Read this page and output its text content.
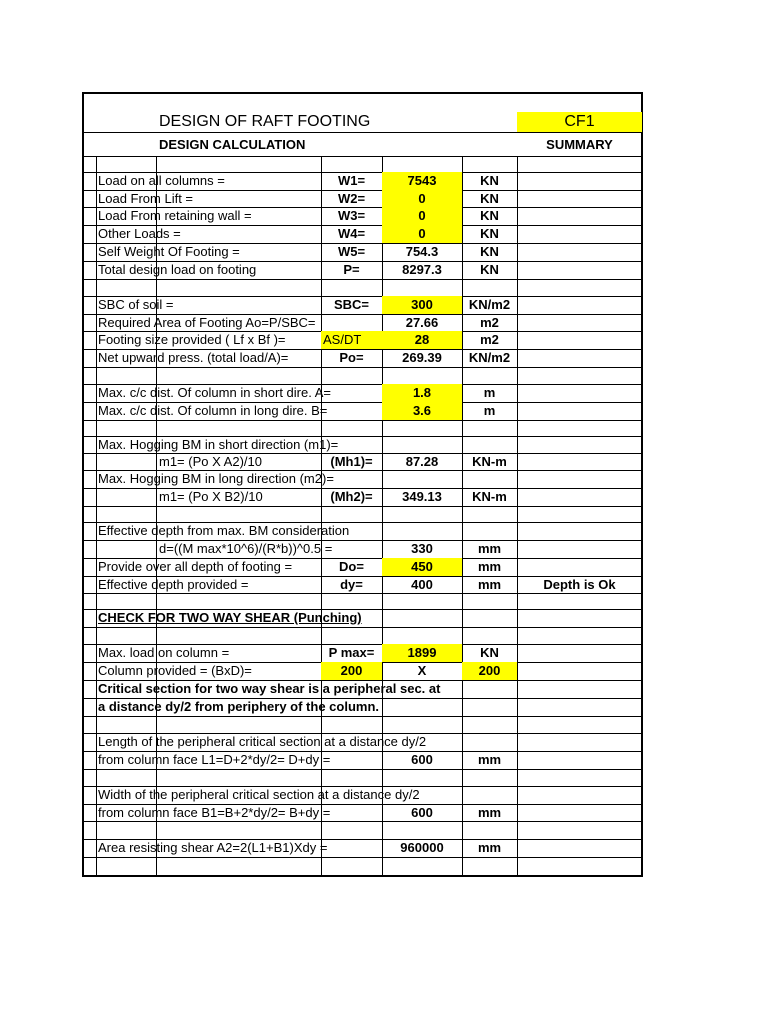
DESIGN OF RAFT FOOTING	CF1
DESIGN CALCULATION	SUMMARY
Load on all columns =	W1=	7543	KN
Load From Lift =	W2=	0	KN
Load From retaining wall =	W3=	0	KN
Other Loads =	W4=	0	KN
Self Weight Of Footing =	W5=	754.3	KN
Total design load on footing	P=	8297.3	KN
SBC of soil =	SBC=	300	KN/m2
Required Area of Footing Ao=P/SBC=	27.66	m2
Footing size provided ( Lf x Bf )=	AS/DT	28	m2
Net upward press. (total load/A)=	Po=	269.39	KN/m2
Max. c/c dist. Of column in short dire. A=	1.8	m
Max. c/c dist. Of column in long dire. B=	3.6	m
Max. Hogging BM in short direction (m1)=
m1= (Po X A2)/10	(Mh1)=	87.28	KN-m
Max. Hogging BM in long direction (m2)=
m1= (Po X B2)/10	(Mh2)=	349.13	KN-m
Effective depth from max. BM consideration
d=((M max*10^6)/(R*b))^0.5 =	330	mm
Provide over all depth of footing =	Do=	450	mm
Effective depth provided =	dy=	400	mm	Depth is Ok
CHECK FOR TWO WAY SHEAR (Punching)
Max. load on column =	P max=	1899	KN
Column provided = (BxD)=	200	X	200
Critical section for two way shear is a peripheral sec. at
a distance dy/2 from periphery of the column.
Length of the peripheral critical section at a distance dy/2
from column face L1=D+2*dy/2= D+dy =	600	mm
Width of the peripheral critical section at a distance dy/2
from column face B1=B+2*dy/2= B+dy =	600	mm
Area resisting shear A2=2(L1+B1)Xdy =	960000	mm
